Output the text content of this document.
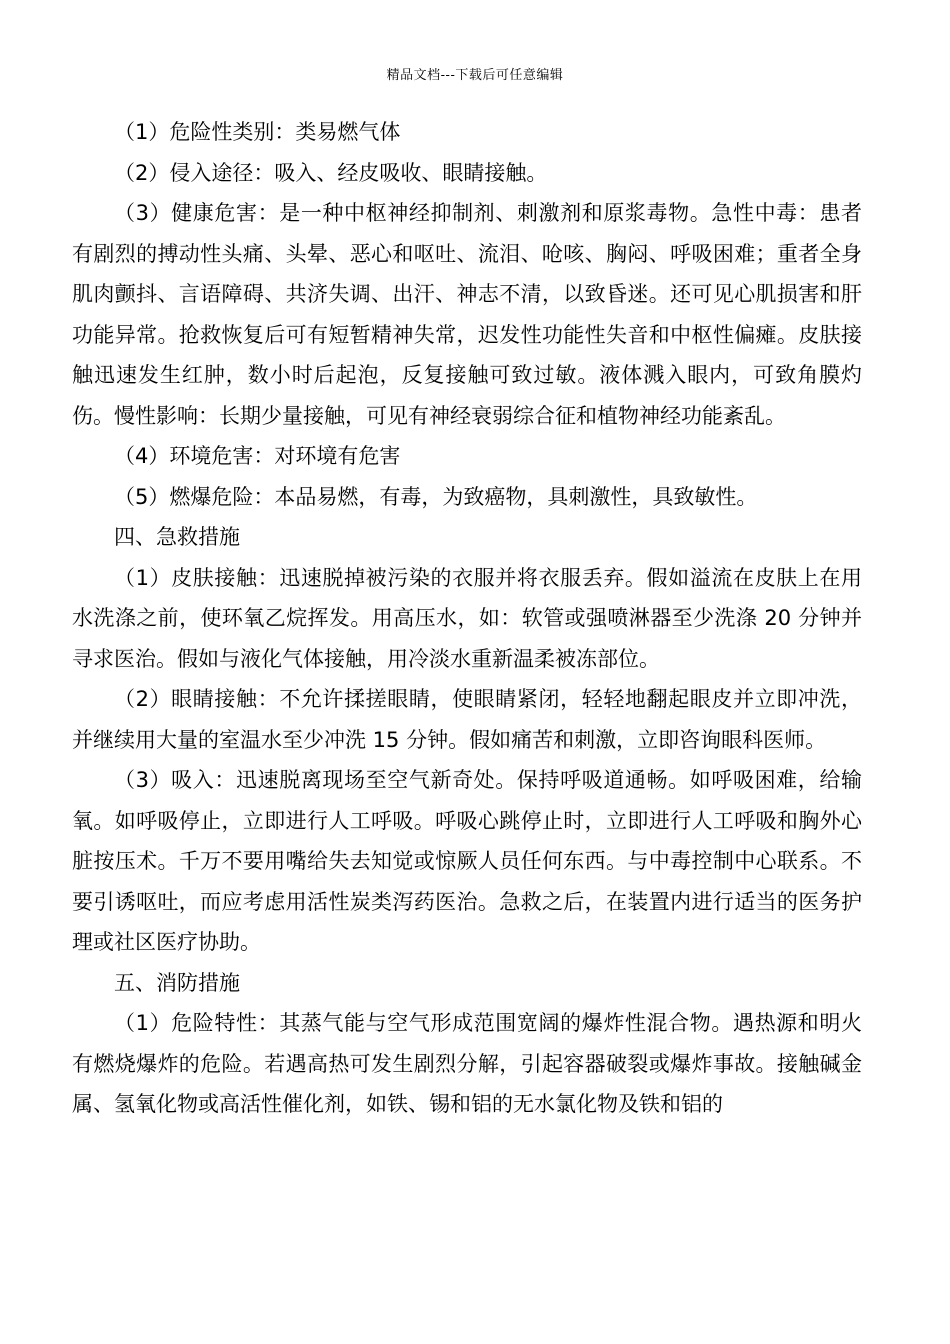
精品文档---下载后可任意编辑

（1）危险性类别：类易燃气体

（2）侵入途径：吸入、经皮吸收、眼睛接触。

（3）健康危害：是一种中枢神经抑制剂、刺激剂和原浆毒物。急性中毒：患者有剧烈的搏动性头痛、头晕、恶心和呕吐、流泪、呛咳、胸闷、呼吸困难；重者全身肌肉颤抖、言语障碍、共济失调、出汗、神志不清，以致昏迷。还可见心肌损害和肝功能异常。抢救恢复后可有短暂精神失常，迟发性功能性失音和中枢性偏瘫。皮肤接触迅速发生红肿，数小时后起泡，反复接触可致过敏。液体溅入眼内，可致角膜灼伤。慢性影响：长期少量接触，可见有神经衰弱综合征和植物神经功能紊乱。

（4）环境危害：对环境有危害

（5）燃爆危险：本品易燃，有毒，为致癌物，具刺激性，具致敏性。

四、急救措施

（1）皮肤接触：迅速脱掉被污染的衣服并将衣服丢弃。假如溢流在皮肤上在用水洗涤之前，使环氧乙烷挥发。用高压水，如：软管或强喷淋器至少洗涤 20 分钟并寻求医治。假如与液化气体接触，用冷淡水重新温柔被冻部位。

（2）眼睛接触：不允许揉搓眼睛，使眼睛紧闭，轻轻地翻起眼皮并立即冲洗，并继续用大量的室温水至少冲洗 15 分钟。假如痛苦和刺激，立即咨询眼科医师。

（3）吸入：迅速脱离现场至空气新奇处。保持呼吸道通畅。如呼吸困难，给输氧。如呼吸停止，立即进行人工呼吸。呼吸心跳停止时，立即进行人工呼吸和胸外心脏按压术。千万不要用嘴给失去知觉或惊厥人员任何东西。与中毒控制中心联系。不要引诱呕吐，而应考虑用活性炭类泻药医治。急救之后，在装置内进行适当的医务护理或社区医疗协助。

五、消防措施

（1）危险特性：其蒸气能与空气形成范围宽阔的爆炸性混合物。遇热源和明火有燃烧爆炸的危险。若遇高热可发生剧烈分解，引起容器破裂或爆炸事故。接触碱金属、氢氧化物或高活性催化剂，如铁、锡和铝的无水氯化物及铁和铝的
